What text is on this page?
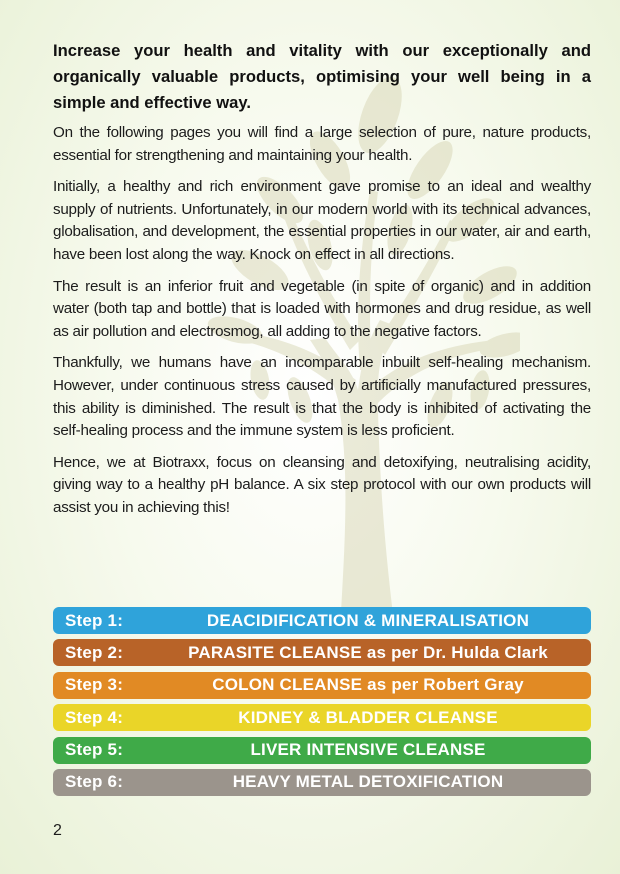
Increase your health and vitality with our exceptionally and organically valuable products, optimising your well being in a simple and effective way.

On the following pages you will find a large selection of pure, nature products, essential for strengthening and maintaining your health.

Initially, a healthy and rich environment gave promise to an ideal and wealthy supply of nutrients. Unfortunately, in our modern world with its technical advances, globalisation, and development, the essential properties in our water, air and earth, have been lost along the way. Knock on effect in all directions.

The result is an inferior fruit and vegetable (in spite of organic) and in addition water (both tap and bottle) that is loaded with hormones and drug residue, as well as air pollution and electrosmog, all adding to the negative factors.

Thankfully, we humans have an incomparable inbuilt self-healing mechanism. However, under continuous stress caused by artificially manufactured pressures, this ability is diminished. The result is that the body is inhibited of activating the self-healing process and the immune system is less proficient.

Hence, we at Biotraxx, focus on cleansing and detoxifying, neutralising acidity, giving way to a healthy pH balance. A six step protocol with our own products will assist you in achieving this!

Step 1:	DEACIDIFICATION & MINERALISATION
Step 2:	PARASITE CLEANSE as per Dr. Hulda Clark
Step 3:	COLON CLEANSE as per Robert Gray
Step 4:	KIDNEY & BLADDER CLEANSE
Step 5:	LIVER INTENSIVE CLEANSE
Step 6:	HEAVY METAL DETOXIFICATION
2
